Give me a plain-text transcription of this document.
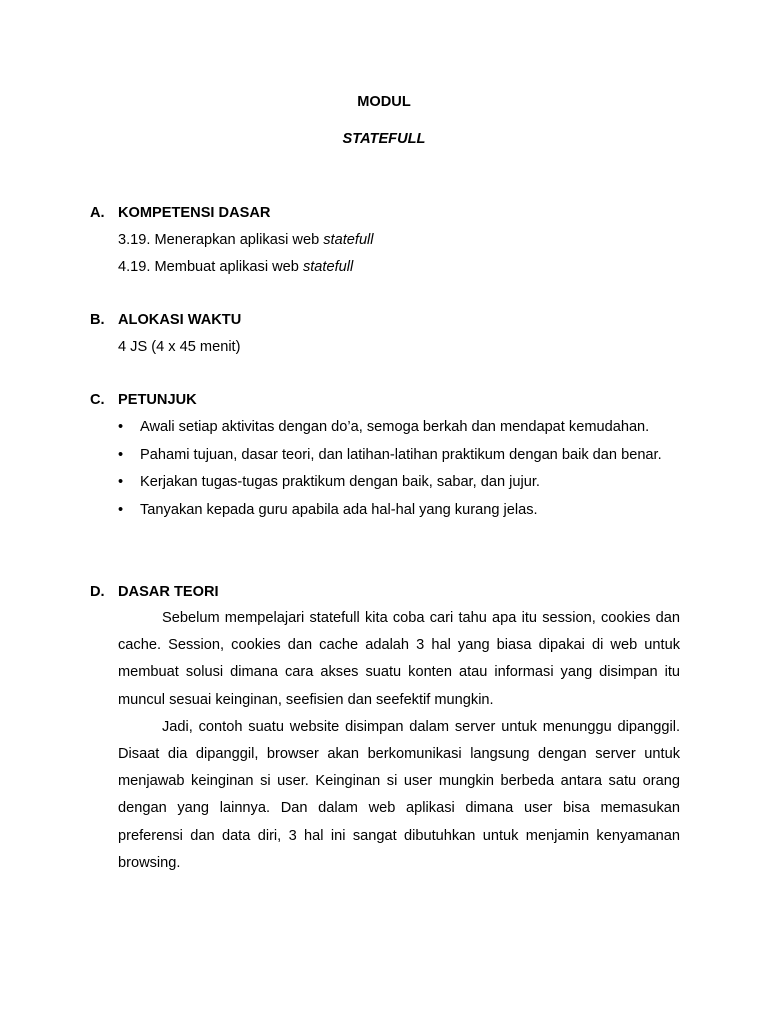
MODUL
STATEFULL
A. KOMPETENSI DASAR
3.19. Menerapkan aplikasi web statefull
4.19. Membuat aplikasi web statefull
B. ALOKASI WAKTU
4 JS (4 x 45 menit)
C. PETUNJUK
•	Awali setiap aktivitas dengan do’a, semoga berkah dan mendapat kemudahan.
•	Pahami tujuan, dasar teori, dan latihan-latihan praktikum dengan baik dan benar.
•	Kerjakan tugas-tugas praktikum dengan baik, sabar, dan jujur.
•	Tanyakan kepada guru apabila ada hal-hal yang kurang jelas.
D. DASAR TEORI
Sebelum mempelajari statefull kita coba cari tahu apa itu session, cookies dan cache. Session, cookies dan cache adalah 3 hal yang biasa dipakai di web untuk membuat solusi dimana cara akses suatu konten atau informasi yang disimpan itu muncul sesuai keinginan, seefisien dan seefektif mungkin.
Jadi, contoh suatu website disimpan dalam server untuk menunggu dipanggil. Disaat dia dipanggil, browser akan berkomunikasi langsung dengan server untuk menjawab keinginan si user. Keinginan si user mungkin berbeda antara satu orang dengan yang lainnya. Dan dalam web aplikasi dimana user bisa memasukan preferensi dan data diri, 3 hal ini sangat dibutuhkan untuk menjamin kenyamanan browsing.
